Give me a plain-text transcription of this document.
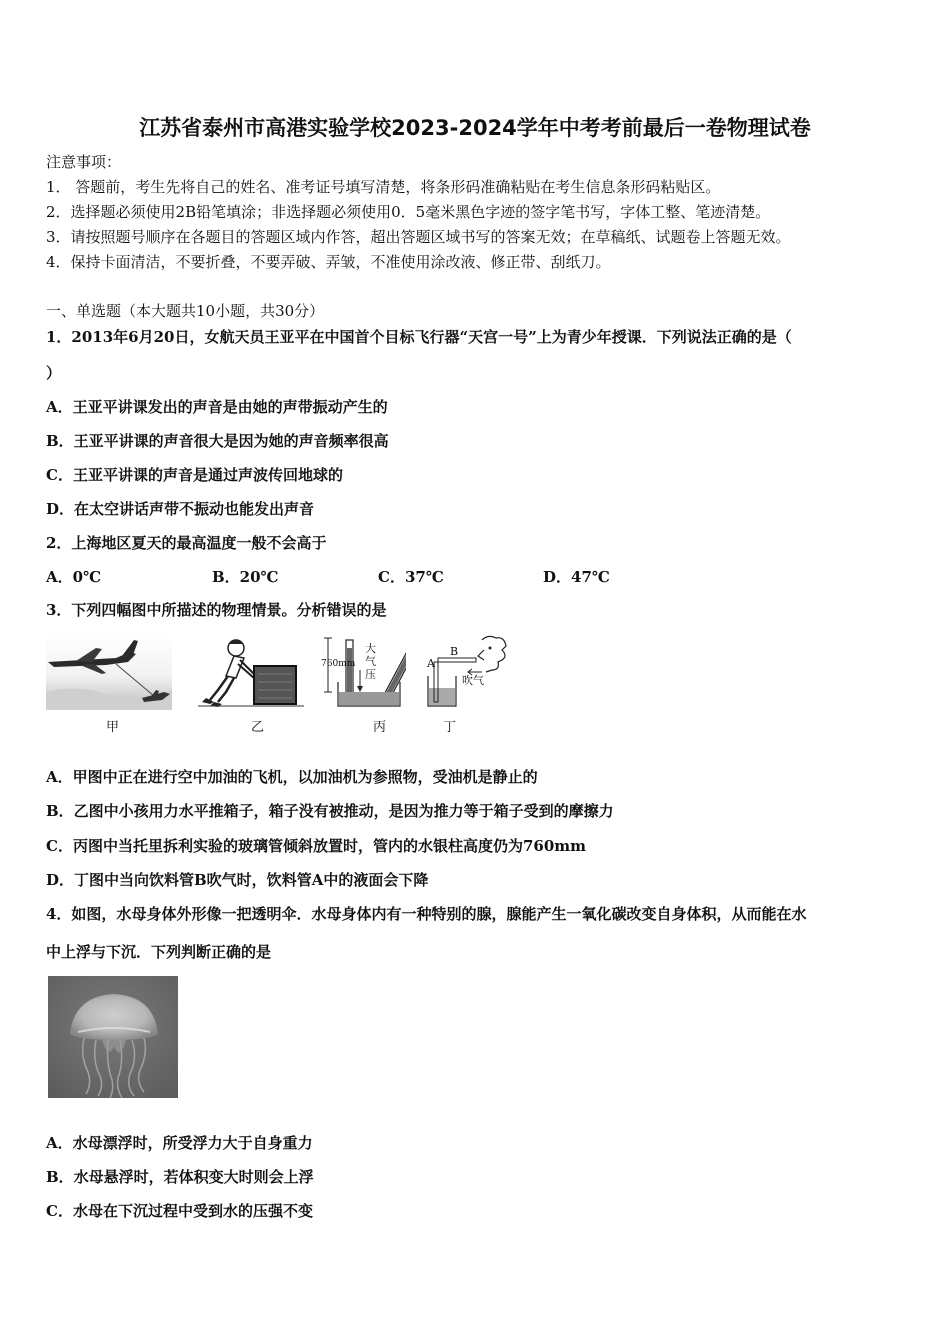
江苏省泰州市高港实验学校2023-2024学年中考考前最后一卷物理试卷
注意事项：
1． 答题前，考生先将自己的姓名、准考证号填写清楚，将条形码准确粘贴在考生信息条形码粘贴区。
2．选择题必须使用2B铅笔填涂；非选择题必须使用0．5毫米黑色字迹的签字笔书写，字体工整、笔迹清楚。
3．请按照题号顺序在各题目的答题区域内作答，超出答题区域书写的答案无效；在草稿纸、试题卷上答题无效。
4．保持卡面清洁，不要折叠，不要弄破、弄皱，不准使用涂改液、修正带、刮纸刀。
一、单选题（本大题共10小题，共30分）
1．2013年6月20日，女航天员王亚平在中国首个目标飞行器“天宫一号”上为青少年授课．下列说法正确的是（
）
A．王亚平讲课发出的声音是由她的声带振动产生的
B．王亚平讲课的声音很大是因为她的声音频率很高
C．王亚平讲课的声音是通过声波传回地球的
D．在太空讲话声带不振动也能发出声音
2．上海地区夏天的最高温度一般不会高于
A．0℃	B．20℃	C．37℃	D．47℃
3．下列四幅图中所描述的物理情景。分析错误的是
甲	乙
760mm
大
气
压
丙
A
B
吹气
丁
A．甲图中正在进行空中加油的飞机，以加油机为参照物，受油机是静止的
B．乙图中小孩用力水平推箱子，箱子没有被推动，是因为推力等于箱子受到的摩擦力
C．丙图中当托里拆利实验的玻璃管倾斜放置时，管内的水银柱高度仍为760mm
D．丁图中当向饮料管B吹气时，饮料管A中的液面会下降
4．如图，水母身体外形像一把透明伞．水母身体内有一种特别的腺，腺能产生一氧化碳改变自身体积，从而能在水
中上浮与下沉．下列判断正确的是
A．水母漂浮时，所受浮力大于自身重力
B．水母悬浮时，若体积变大时则会上浮
C．水母在下沉过程中受到水的压强不变
